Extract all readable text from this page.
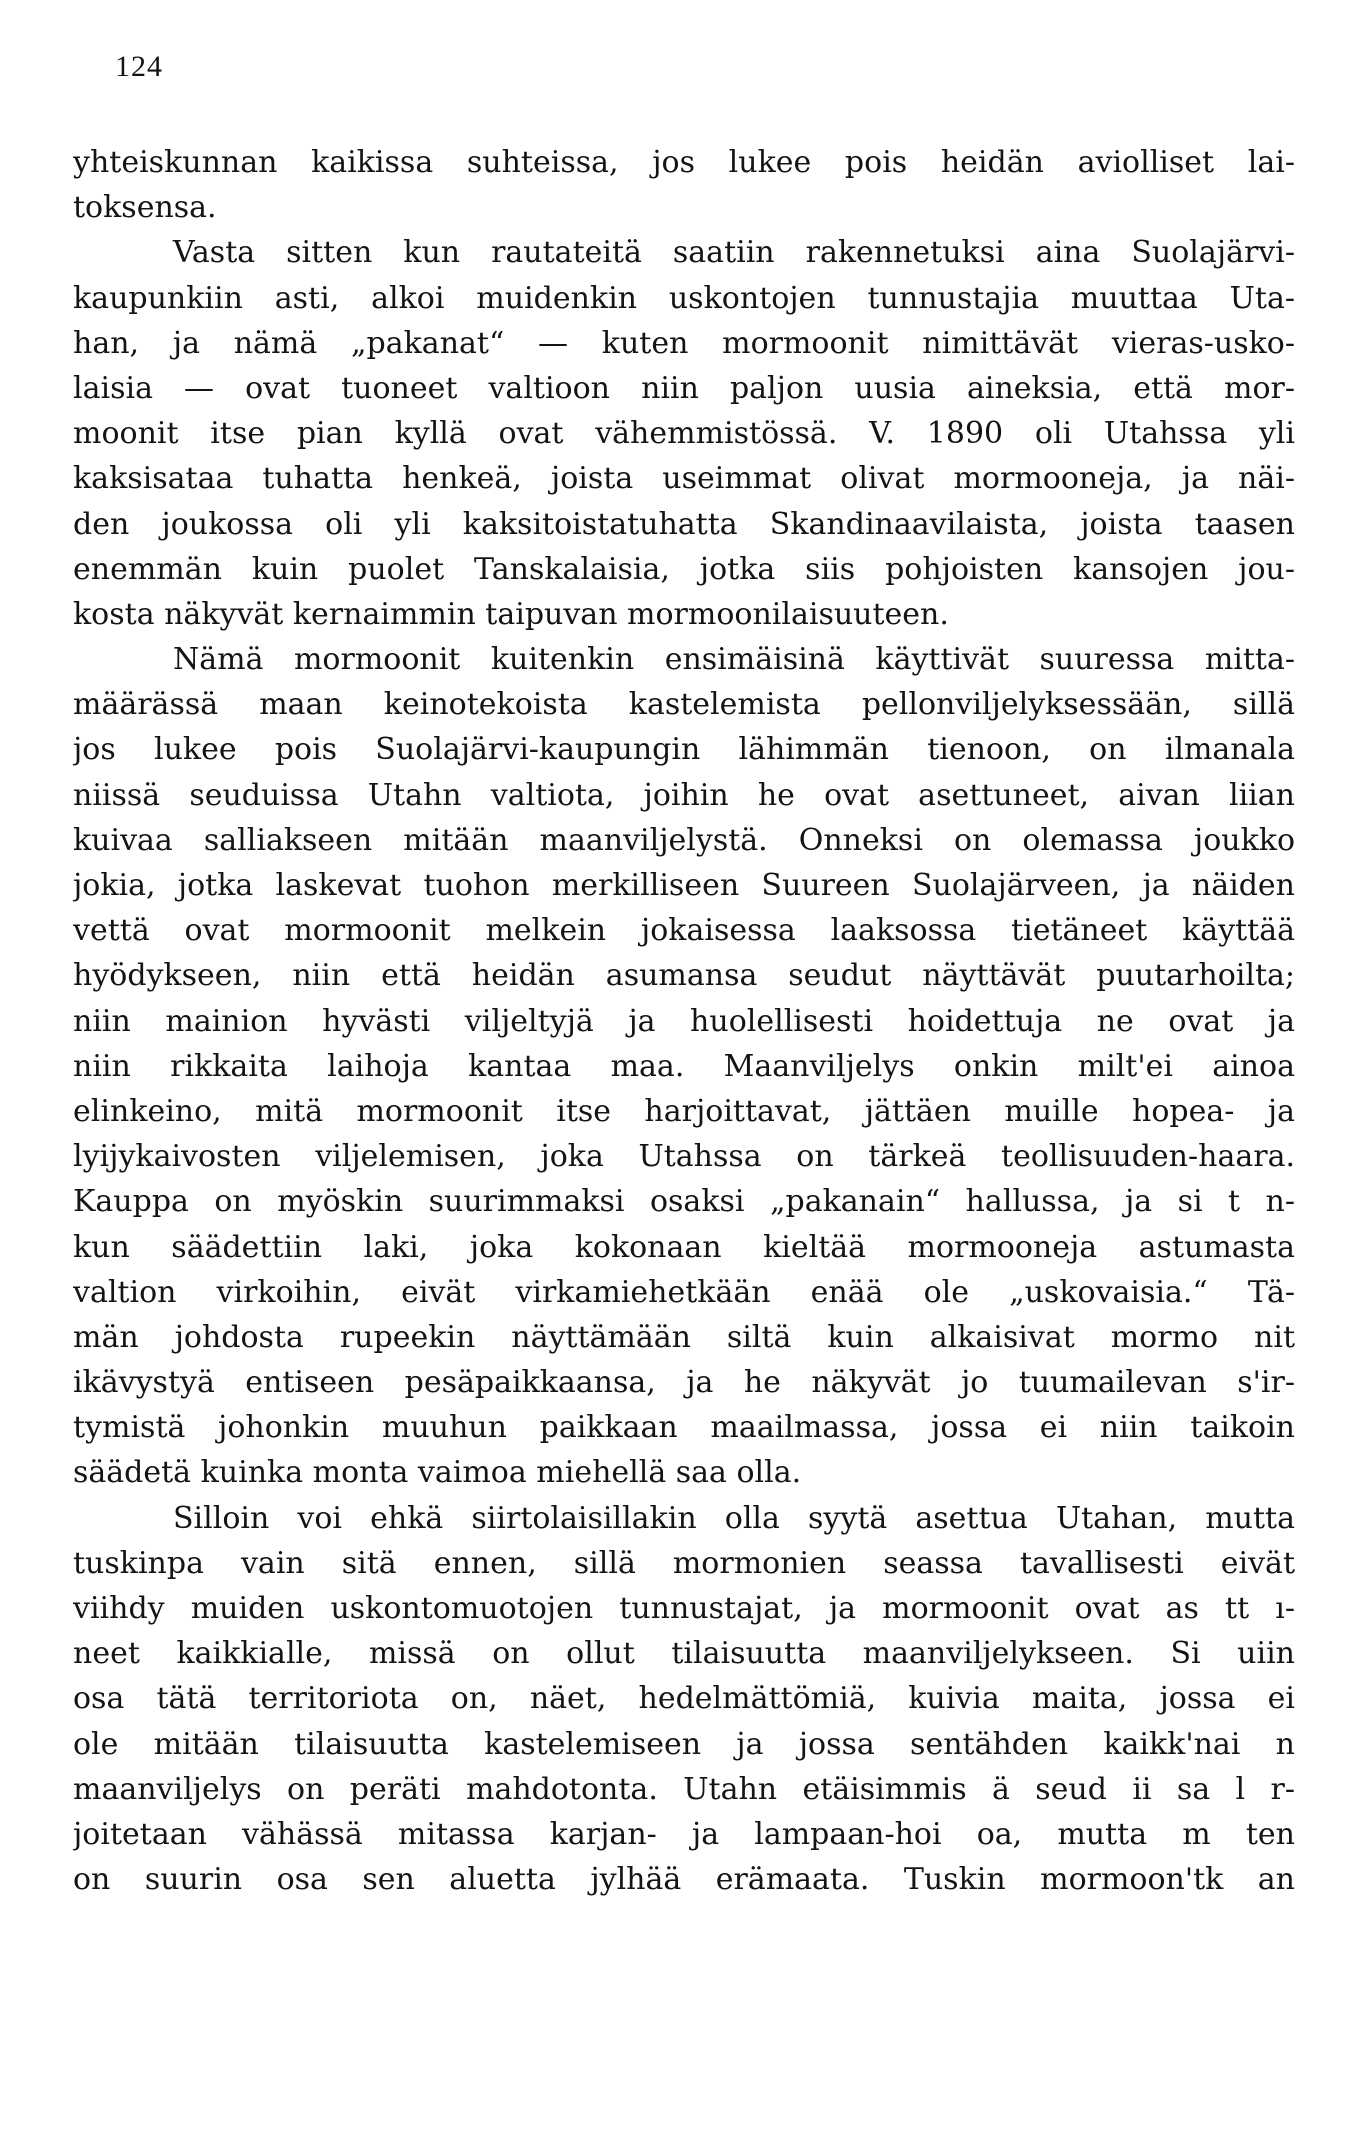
124
yhteiskunnan kaikissa suhteissa, jos lukee pois heidän aviolliset lai-
toksensa.
Vasta sitten kun rautateitä saatiin rakennetuksi aina Suolajärvi-
kaupunkiin asti, alkoi muidenkin uskontojen tunnustajia muuttaa Uta-
han, ja nämä „pakanat“ — kuten mormoonit nimittävät vieras-usko-
laisia — ovat tuoneet valtioon niin paljon uusia aineksia, että mor-
moonit itse pian kyllä ovat vähemmistössä. V. 1890 oli Utahssa yli
kaksisataa tuhatta henkeä, joista useimmat olivat mormooneja, ja näi-
den joukossa oli yli kaksitoistatuhatta Skandinaavilaista, joista taasen
enemmän kuin puolet Tanskalaisia, jotka siis pohjoisten kansojen jou-
kosta näkyvät kernaimmin taipuvan mormoonilaisuuteen.
Nämä mormoonit kuitenkin ensimäisinä käyttivät suuressa mitta-
määrässä maan keinotekoista kastelemista pellonviljelyksessään, sillä
jos lukee pois Suolajärvi-kaupungin lähimmän tienoon, on ilmanala
niissä seuduissa Utahn valtiota, joihin he ovat asettuneet, aivan liian
kuivaa salliakseen mitään maanviljelystä. Onneksi on olemassa joukko
jokia, jotka laskevat tuohon merkilliseen Suureen Suolajärveen, ja näiden
vettä ovat mormoonit melkein jokaisessa laaksossa tietäneet käyttää
hyödykseen, niin että heidän asumansa seudut näyttävät puutarhoilta;
niin mainion hyvästi viljeltyjä ja huolellisesti hoidettuja ne ovat ja
niin rikkaita laihoja kantaa maa. Maanviljelys onkin milt'ei ainoa
elinkeino, mitä mormoonit itse harjoittavat, jättäen muille hopea- ja
lyijykaivosten viljelemisen, joka Utahssa on tärkeä teollisuuden-haara.
Kauppa on myöskin suurimmaksi osaksi „pakanain“ hallussa, ja si t n-
kun säädettiin laki, joka kokonaan kieltää mormooneja astumasta
valtion virkoihin, eivät virkamiehetkään enää ole „uskovaisia.“ Tä-
män johdosta rupeekin näyttämään siltä kuin alkaisivat mormo nit
ikävystyä entiseen pesäpaikkaansa, ja he näkyvät jo tuumailevan s'ir-
tymistä johonkin muuhun paikkaan maailmassa, jossa ei niin taikoin
säädetä kuinka monta vaimoa miehellä saa olla.
Silloin voi ehkä siirtolaisillakin olla syytä asettua Utahan, mutta
tuskinpa vain sitä ennen, sillä mormonien seassa tavallisesti eivät
viihdy muiden uskontomuotojen tunnustajat, ja mormoonit ovat as tt ı-
neet kaikkialle, missä on ollut tilaisuutta maanviljelykseen. Si uiin
osa tätä territoriota on, näet, hedelmättömiä, kuivia maita, jossa ei
ole mitään tilaisuutta kastelemiseen ja jossa sentähden kaikk'nai n
maanviljelys on peräti mahdotonta. Utahn etäisimmis ä seud ii sa l r-
joitetaan vähässä mitassa karjan- ja lampaan-hoi oa, mutta m ten
on suurin osa sen aluetta jylhää erämaata. Tuskin mormoon'tk an
